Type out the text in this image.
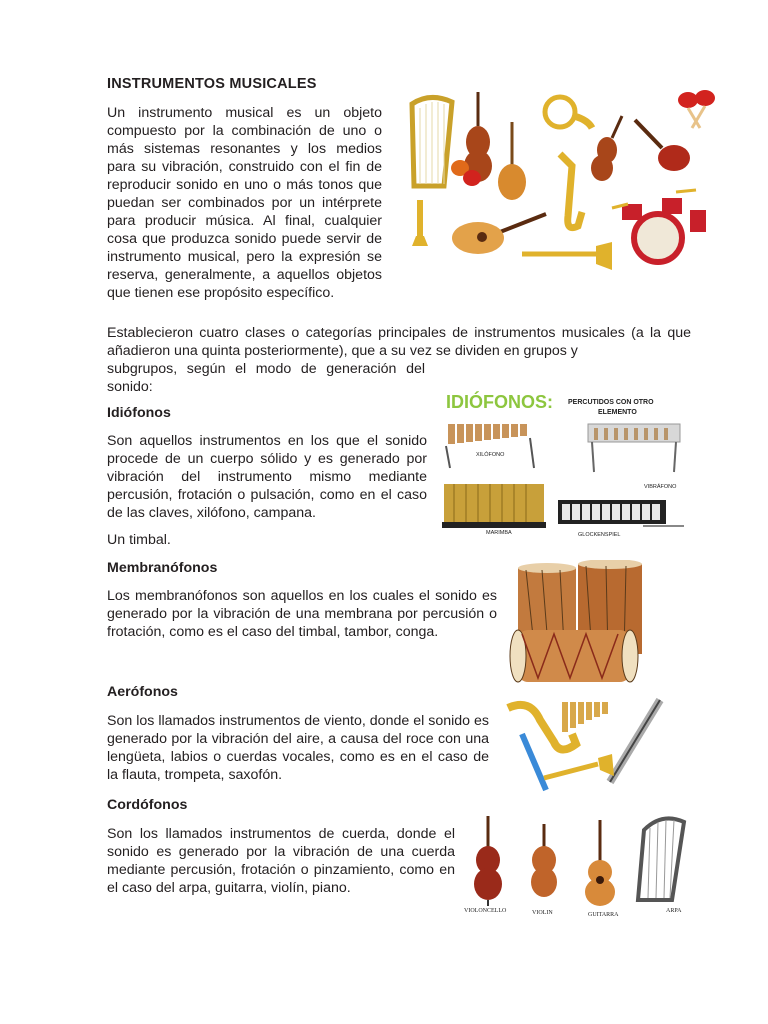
INSTRUMENTOS MUSICALES

Un instrumento musical es un objeto compuesto por la combinación de uno o más sistemas resonantes y los medios para su vibración, construido con el fin de reproducir sonido en uno o más tonos que puedan ser combinados por un intérprete para producir música. Al final, cualquier cosa que produzca sonido puede servir de instrumento musical, pero la expresión se reserva, generalmente, a aquellos objetos que tienen ese propósito específico.

Establecieron cuatro clases o categorías principales de instrumentos musicales (a la que añadieron una quinta posteriormente), que a su vez se dividen en grupos y

subgrupos, según el modo de generación del sonido:

Idiófonos

Son aquellos instrumentos en los que el sonido procede de un cuerpo sólido y es generado por vibración del instrumento mismo mediante percusión, frotación o pulsación, como en el caso de las claves, xilófono, campana.

Un timbal.

IDIÓFONOS: PERCUTIDOS CON OTRO
ELEMENTO
XILÓFONO
VIBRÁFONO
MARIMBA	GLOCKENSPIEL
Membranófonos

Los membranófonos son aquellos en los cuales el sonido es generado por la vibración de una membrana por percusión o frotación, como es el caso del timbal, tambor, conga.

Aerófonos

Son los llamados instrumentos de viento, donde el sonido es generado por la vibración del aire, a causa del roce con una lengüeta, labios o cuerdas vocales, como es en el caso de la flauta, trompeta, saxofón.

Cordófonos

Son los llamados instrumentos de cuerda, donde el sonido es generado por la vibración de una cuerda mediante percusión, frotación o pinzamiento, como en el caso del arpa, guitarra, violín, piano.

VIOLONCELLO	VIOLIN	GUITARRA
ARPA
